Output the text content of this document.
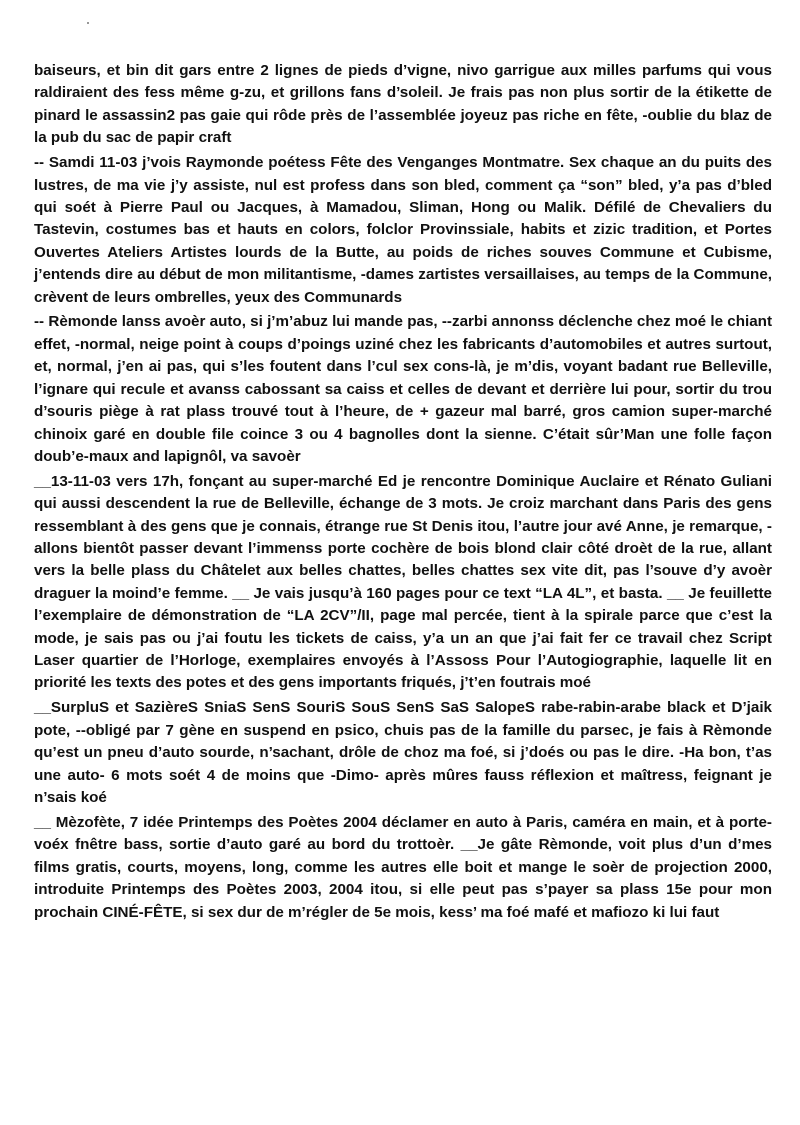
baiseurs, et bin dit gars entre 2 lignes de pieds d’vigne, nivo garrigue aux milles parfums qui vous raldiraient des fess même g-zu, et grillons fans d’soleil. Je frais pas non plus sortir de la étikette de pinard le assassin2 pas gaie qui rôde près de l’assemblée joyeuz pas riche en fête, -oublie du blaz de la pub du sac de papir craft

-- Samdi 11-03 j’vois Raymonde poétess Fête des Venganges Montmatre. Sex chaque an du puits des lustres, de ma vie j’y assiste, nul est profess dans son bled, comment ça “son” bled, y’a pas d’bled qui soét à Pierre Paul ou Jacques, à Mamadou, Sliman, Hong ou Malik. Défilé de Chevaliers du Tastevin, costumes bas et hauts en colors, folclor Provinssiale, habits et zizic tradition, et Portes Ouvertes Ateliers Artistes lourds de la Butte, au poids de riches souves Commune et Cubisme, j’entends dire au début de mon militantisme, -dames zartistes versaillaises, au temps de la Commune, crèvent de leurs ombrelles, yeux des Communards

-- Rèmonde lanss avoèr auto, si j’m’abuz lui mande pas, --zarbi annonss déclenche chez moé le chiant effet, -normal, neige point à coups d’poings uziné chez les fabricants d’automobiles et autres surtout, et, normal, j’en ai pas, qui s’les foutent dans l’cul sex cons-là, je m’dis, voyant badant rue Belleville, l’ignare qui recule et avanss cabossant sa caiss et celles de devant et derrière lui pour, sortir du trou d’souris piège à rat plass trouvé tout à l’heure, de + gazeur mal barré, gros camion super-marché chinoix garé en double file coince 3 ou 4 bagnolles dont la sienne. C’était sûr’Man une folle façon doub’e-maux and lapignôl, va savoèr

__13-11-03 vers 17h, fonçant au super-marché Ed je rencontre Dominique Auclaire et Rénato Guliani qui aussi descendent la rue de Belleville, échange de 3 mots. Je croiz marchant dans Paris des gens ressemblant à des gens que je connais, étrange rue St Denis itou, l’autre jour avé Anne, je remarque, - allons bientôt passer devant l’immenss porte cochère de bois blond clair côté droèt de la rue, allant vers la belle plass du Châtelet aux belles chattes, belles chattes sex vite dit, pas l’souve d’y avoèr draguer la moind’e femme. __ Je vais jusqu’à 160 pages pour ce text “LA 4L”, et basta. __ Je feuillette l’exemplaire de démonstration de “LA 2CV”/II, page mal percée, tient à la spirale parce que c’est la mode, je sais pas ou j’ai foutu les tickets de caiss, y’a un an que j’ai fait fer ce travail chez Script Laser quartier de l’Horloge, exemplaires envoyés à l’Assoss Pour l’Autogiographie, laquelle lit en priorité les texts des potes et des gens importants friqués, j’t’en foutrais moé

__SurpluS et SazièreS SniaS SenS SouriS SouS SenS SaS SalopeS rabe-rabin-arabe black et D’jaik pote, --obligé par 7 gène en suspend en psico, chuis pas de la famille du parsec, je fais à Rèmonde qu’est un pneu d’auto sourde, n’sachant, drôle de choz ma foé, si j’doés ou pas le dire. -Ha bon, t’as une auto- 6 mots soét 4 de moins que -Dimo- après mûres fauss réflexion et maîtress, feignant je n’sais koé

__ Mèzofète, 7 idée Printemps des Poètes 2004 déclamer en auto à Paris, caméra en main, et à porte-voéx fnêtre bass, sortie d’auto garé au bord du trottoèr. __Je gâte Rèmonde, voit plus d’un d’mes films gratis, courts, moyens, long, comme les autres elle boit et mange le soèr de projection 2000, introduite Printemps des Poètes 2003, 2004 itou, si elle peut pas s’payer sa plass 15e pour mon prochain CINÉ-FÊTE, si sex dur de m’régler de 5e mois, kess’ ma foé mafé et mafiozo ki lui faut
